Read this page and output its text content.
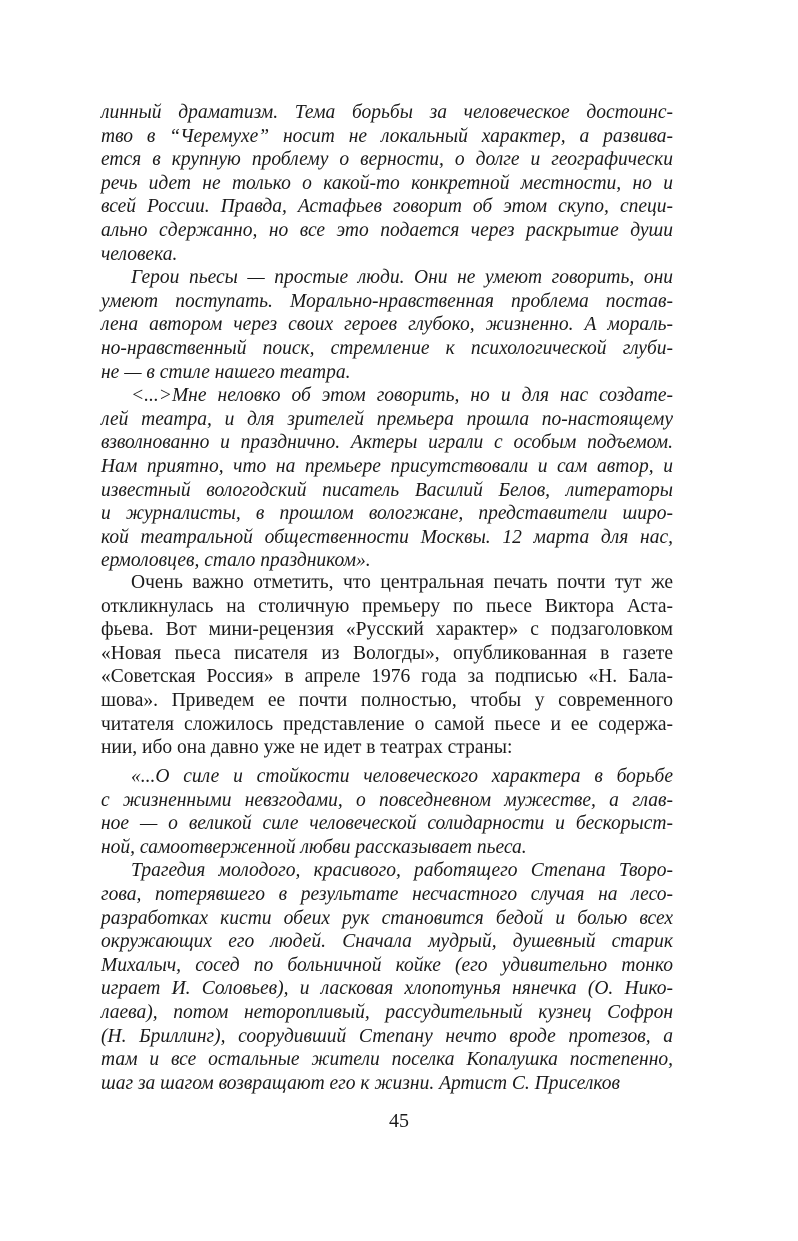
линный драматизм. Тема борьбы за человеческое достоинс-
тво в “Черемухе” носит не локальный характер, а развива-
ется в крупную проблему о верности, о долге и географически
речь идет не только о какой-то конкретной местности, но и
всей России. Правда, Астафьев говорит об этом скупо, специ-
ально сдержанно, но все это подается через раскрытие души
человека.
Герои пьесы — простые люди. Они не умеют говорить, они
умеют поступать. Морально-нравственная проблема постав-
лена автором через своих героев глубоко, жизненно. А мораль-
но-нравственный поиск, стремление к психологической глуби-
не — в стиле нашего театра.
<...>Мне неловко об этом говорить, но и для нас создате-
лей театра, и для зрителей премьера прошла по-настоящему
взволнованно и празднично. Актеры играли с особым подъемом.
Нам приятно, что на премьере присутствовали и сам автор, и
известный вологодский писатель Василий Белов, литераторы
и журналисты, в прошлом вологжане, представители широ-
кой театральной общественности Москвы. 12 марта для нас,
ермоловцев, стало праздником».
Очень важно отметить, что центральная печать почти тут же
откликнулась на столичную премьеру по пьесе Виктора Аста-
фьева. Вот мини-рецензия «Русский характер» с подзаголовком
«Новая пьеса писателя из Вологды», опубликованная в газете
«Советская Россия» в апреле 1976 года за подписью «Н. Бала-
шова». Приведем ее почти полностью, чтобы у современного
читателя сложилось представление о самой пьесе и ее содержа-
нии, ибо она давно уже не идет в театрах страны:
«...О силе и стойкости человеческого характера в борьбе
с жизненными невзгодами, о повседневном мужестве, а глав-
ное — о великой силе человеческой солидарности и бескорыст-
ной, самоотверженной любви рассказывает пьеса.
Трагедия молодого, красивого, работящего Степана Творо-
гова, потерявшего в результате несчастного случая на лесо-
разработках кисти обеих рук становится бедой и болью всех
окружающих его людей. Сначала мудрый, душевный старик
Михалыч, сосед по больничной койке (его удивительно тонко
играет И. Соловьев), и ласковая хлопотунья нянечка (О. Нико-
лаева), потом неторопливый, рассудительный кузнец Софрон
(Н. Бриллинг), соорудивший Степану нечто вроде протезов, а
там и все остальные жители поселка Копалушка постепенно,
шаг за шагом возвращают его к жизни. Артист С. Приселков
45
